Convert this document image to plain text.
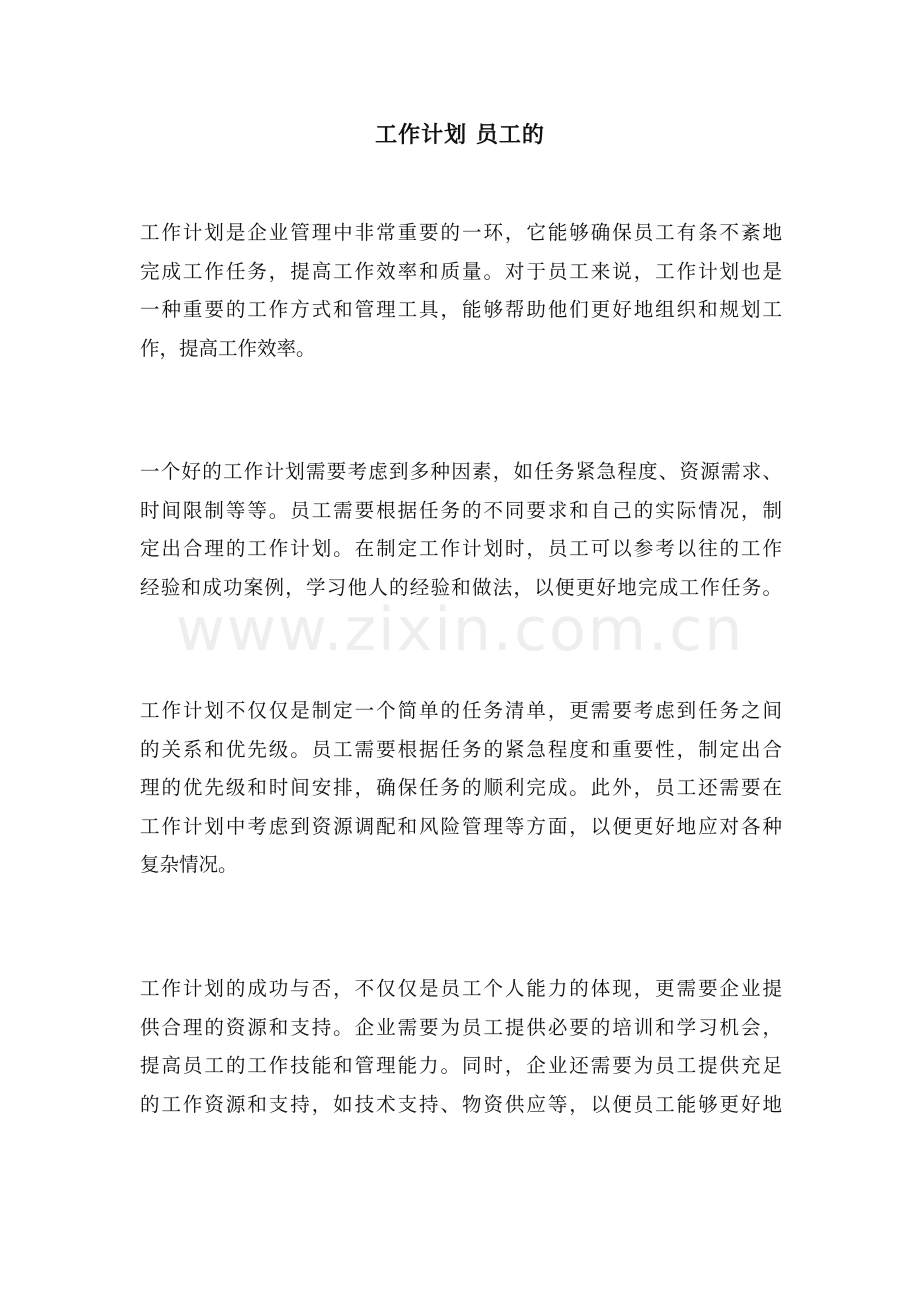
工作计划 员工的
www.zixin.com.cn

工作计划是企业管理中非常重要的一环，它能够确保员工有条不紊地
完成工作任务，提高工作效率和质量。对于员工来说，工作计划也是
一种重要的工作方式和管理工具，能够帮助他们更好地组织和规划工
作，提高工作效率。

一个好的工作计划需要考虑到多种因素，如任务紧急程度、资源需求、
时间限制等等。员工需要根据任务的不同要求和自己的实际情况，制
定出合理的工作计划。在制定工作计划时，员工可以参考以往的工作
经验和成功案例，学习他人的经验和做法，以便更好地完成工作任务。

工作计划不仅仅是制定一个简单的任务清单，更需要考虑到任务之间
的关系和优先级。员工需要根据任务的紧急程度和重要性，制定出合
理的优先级和时间安排，确保任务的顺利完成。此外，员工还需要在
工作计划中考虑到资源调配和风险管理等方面，以便更好地应对各种
复杂情况。

工作计划的成功与否，不仅仅是员工个人能力的体现，更需要企业提
供合理的资源和支持。企业需要为员工提供必要的培训和学习机会，
提高员工的工作技能和管理能力。同时，企业还需要为员工提供充足
的工作资源和支持，如技术支持、物资供应等，以便员工能够更好地
